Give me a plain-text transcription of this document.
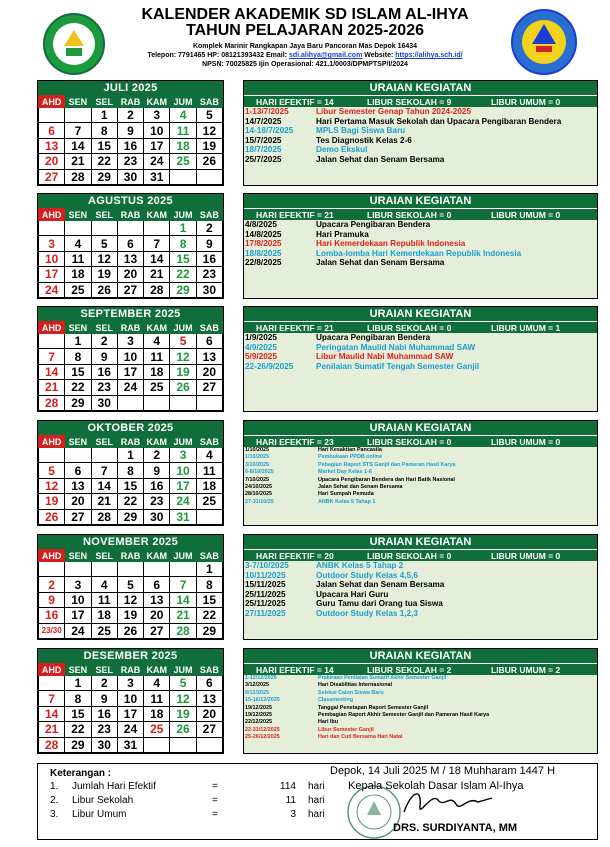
KALENDER AKADEMIK SD ISLAM AL-IHYA
TAHUN PELAJARAN 2025-2026
Komplek Marinir Rangkapan Jaya Baru Pancoran Mas Depok 16434
Telepon: 7791465 HP: 08121393432 Email: sdi.alihya@gmail.com Website: https://alihya.sch.id/
NPSN: 70025825 Ijin Operasional: 421.1/0003/DPMPTSP/I/2024
JULI 2025
AHD	SEN	SEL	RAB	KAM	JUM	SAB
		1	2	3	4	5
6	7	8	9	10	11	12
13	14	15	16	17	18	19
20	21	22	23	24	25	26
27	28	29	30	31		
URAIAN KEGIATAN
HARI EFEKTIF = 14	LIBUR SEKOLAH = 9	LIBUR UMUM = 0
1-13/7/2025	Libur Semester Genap Tahun 2024-2025
14/7/2025	Hari Pertama Masuk Sekolah dan Upacara Pengibaran Bendera
14-18/7/2025	MPLS Bagi Siswa Baru
15/7/2025	Tes Diagnostik Kelas 2-6
18/7/2025	Demo Ekskul
25/7/2025	Jalan Sehat dan Senam Bersama
AGUSTUS 2025
AHD	SEN	SEL	RAB	KAM	JUM	SAB
					1	2
3	4	5	6	7	8	9
10	11	12	13	14	15	16
17	18	19	20	21	22	23
24	25	26	27	28	29	30
URAIAN KEGIATAN
HARI EFEKTIF = 21	LIBUR SEKOLAH = 0	LIBUR UMUM = 0
4/8/2025	Upacara Pengibaran Bendera
14/8/2025	Hari Pramuka
17/8/2025	Hari Kemerdekaan Republik Indonesia
18/8/2025	Lomba-lomba Hari Kemerdekaan Republik Indonesia
22/8/2025	Jalan Sehat dan Senam Bersama
SEPTEMBER 2025
AHD	SEN	SEL	RAB	KAM	JUM	SAB
	1	2	3	4	5	6
7	8	9	10	11	12	13
14	15	16	17	18	19	20
21	22	23	24	25	26	27
28	29	30				
URAIAN KEGIATAN
HARI EFEKTIF = 21	LIBUR SEKOLAH = 0	LIBUR UMUM = 1
1/9/2025	Upacara Pengibaran Bendera
4/9/2025	Peringatan Maulid Nabi Muhammad SAW
5/9/2025	Libur Maulid Nabi Muhammad SAW
22-26/9/2025	Penilaian Sumatif Tengah Semester Ganjil
OKTOBER 2025
AHD	SEN	SEL	RAB	KAM	JUM	SAB
			1	2	3	4
5	6	7	8	9	10	11
12	13	14	15	16	17	18
19	20	21	22	23	24	25
26	27	28	29	30	31	
URAIAN KEGIATAN
HARI EFEKTIF = 23	LIBUR SEKOLAH = 0	LIBUR UMUM = 0
1/10/2025	Hari Kesaktian Pancasila
1/10/2025	Pembukaan PPDB online
3/10/2025	Pebagian Raport STS Ganjil dan Pameran Hasil Karya
6-8/10/2025	Market Day Kelas 1-6
7/10/2025	Upacara Pengibaran Bendera dan Hari Batik Nasional
24/10/2025	Jalan Sehat dan Senam Bersama
28/10/2025	Hari Sumpah Pemuda
27-31/10/25	ANBK Kelas 5 Tahap 1
NOVEMBER 2025
AHD	SEN	SEL	RAB	KAM	JUM	SAB
						1
2	3	4	5	6	7	8
9	10	11	12	13	14	15
16	17	18	19	20	21	22
23/30	24	25	26	27	28	29
URAIAN KEGIATAN
HARI EFEKTIF = 20	LIBUR SEKOLAH = 0	LIBUR UMUM = 0
3-7/10/2025	ANBK Kelas 5 Tahap 2
10/11/2025	Outdoor Study Kelas 4,5,6
15/11/2025	Jalan Sehat dan Senam Bersama
25/11/2025	Upacara Hari Guru
25/11/2025	Guru Tamu dari Orang tua Siswa
27/11/2025	Outdoor Study Kelas 1,2,3
DESEMBER 2025
AHD	SEN	SEL	RAB	KAM	JUM	SAB
	1	2	3	4	5	6
7	8	9	10	11	12	13
14	15	16	17	18	19	20
21	22	23	24	25	26	27
28	29	30	31			
URAIAN KEGIATAN
HARI EFEKTIF = 14	LIBUR SEKOLAH = 2	LIBUR UMUM = 2
1-12/12/2025	Prakiraan Penilaian Sumatif Akhir Semester Ganjil
3/12/2025	Hari Disabilitas Internasional
6/12/2025	Seleksi Calon Siswa Baru
15-16/12/2025	Classmeeting
19/12/2025	Tanggal Penetapan Raport Semester Ganjil
19/12/2025	Pembagian Raport Akhir Semester Ganjil dan Pameran Hasil Karya
22/12/2025	Hari Ibu
22-31/12/2025	Libur Semester Ganjil
25-26/12/2025	Hari dan Cuti Bersama Hari Natal
Keterangan :
1.	Jumlah Hari Efektif	=	114	hari
2.	Libur Sekolah	=	11	hari
3.	Libur Umum	=	3	hari
Depok, 14 Juli 2025 M / 18 Muhharam 1447 H
Kepala Sekolah Dasar Islam Al-Ihya
DRS. SURDIYANTA, MM
